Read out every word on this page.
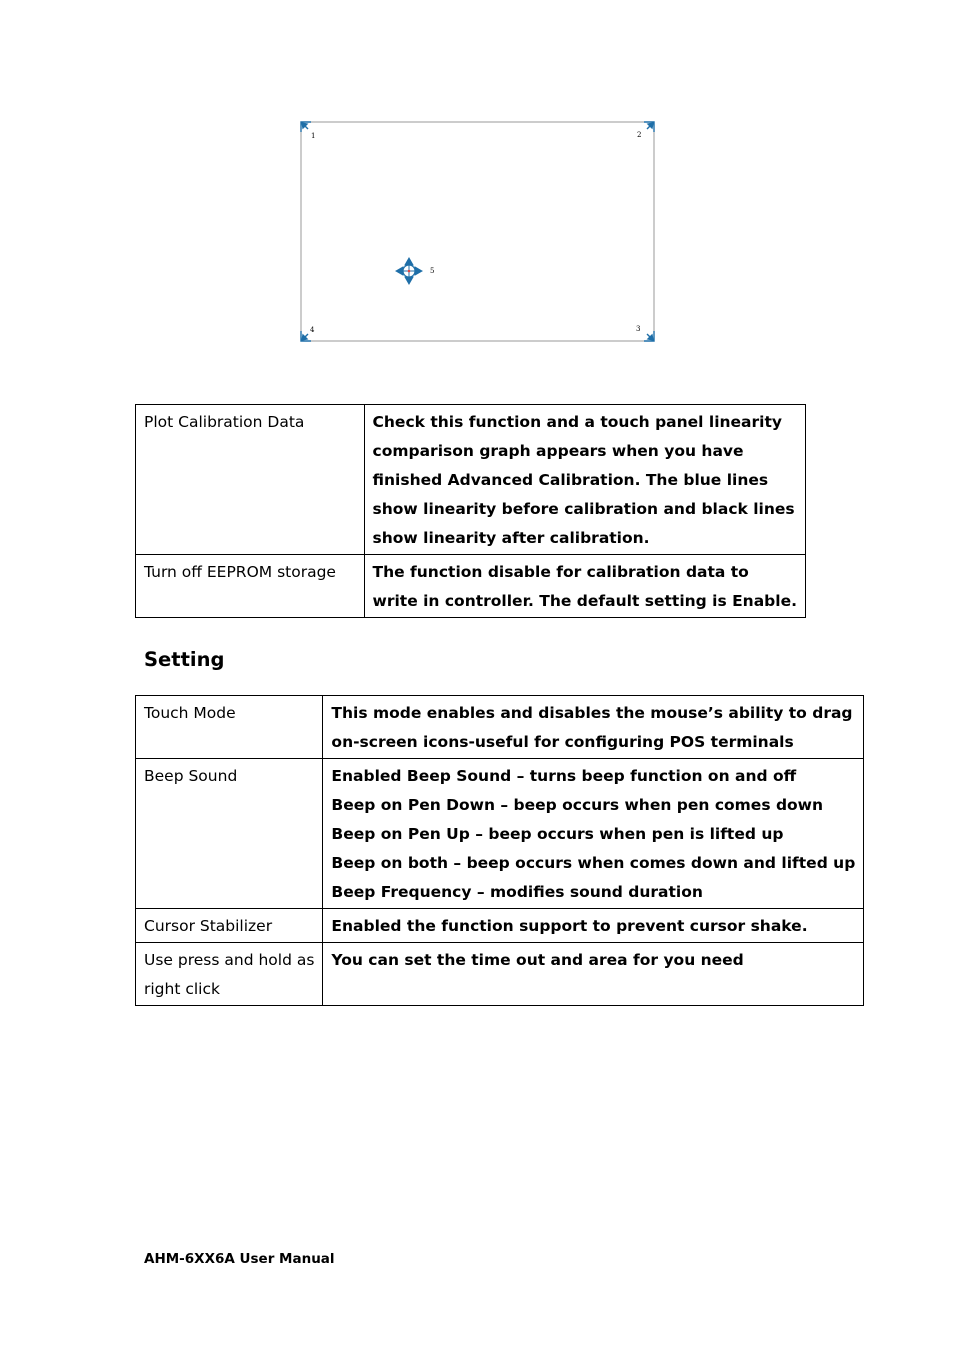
1	2
3
4
5
Plot Calibration Data	Check this function and a touch panel linearity
comparison graph appears when you have
finished Advanced Calibration. The blue lines
show linearity before calibration and black lines
show linearity after calibration.

Turn off EEPROM storage	The function disable for calibration data to
write in controller. The default setting is Enable.
Setting
Touch Mode	This mode enables and disables the mouse’s ability to drag
on-screen icons-useful for configuring POS terminals

Beep Sound	Enabled Beep Sound – turns beep function on and off
Beep on Pen Down – beep occurs when pen comes down
Beep on Pen Up – beep occurs when pen is lifted up
Beep on both – beep occurs when comes down and lifted up
Beep Frequency – modifies sound duration

Cursor Stabilizer	Enabled the function support to prevent cursor shake.

Use press and hold as
right click	You can set the time out and area for you need
AHM-6XX6A User Manual
